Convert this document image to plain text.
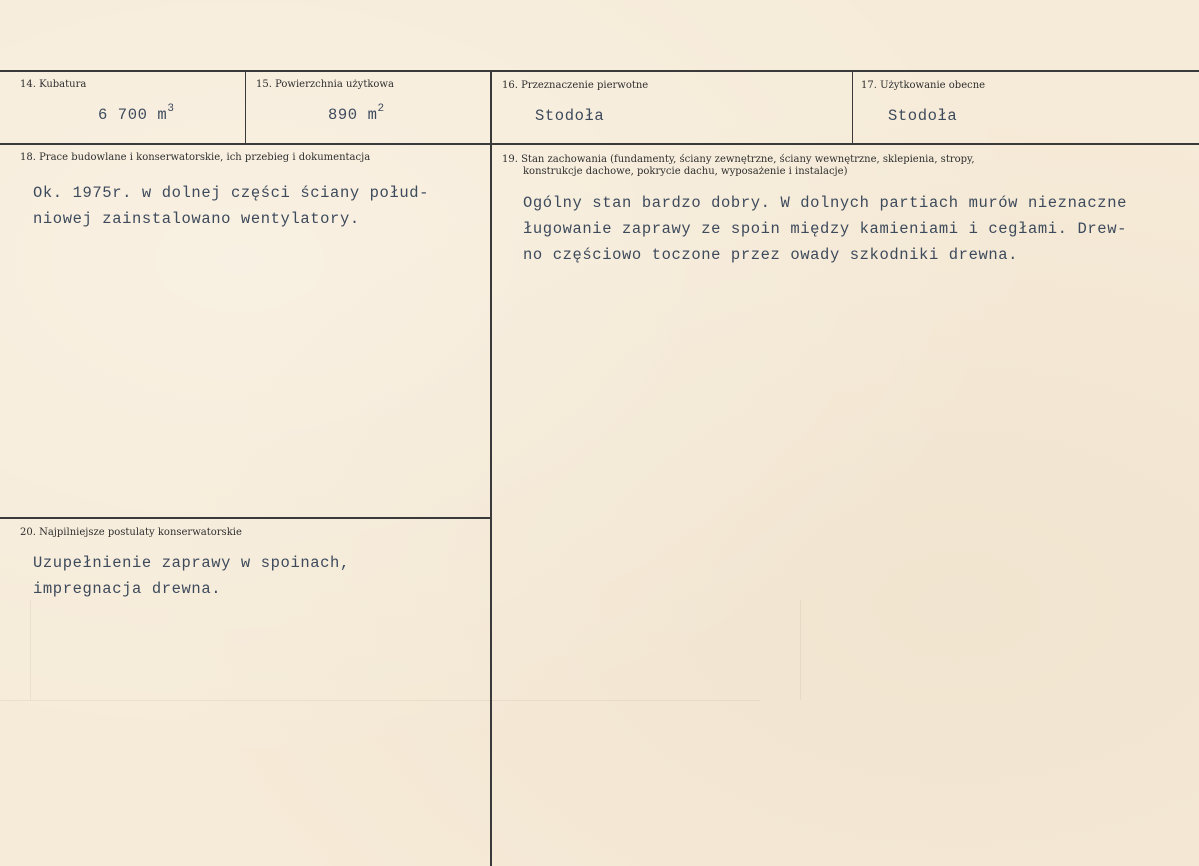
14. Kubatura
6 700 $m^3$
15. Powierzchnia użytkowa
890 $m^2$
16. Przeznaczenie pierwotne
Stodoła
17. Użytkowanie obecne
Stodoła
18. Prace budowlane i konserwatorskie, ich przebieg i dokumentacja
Ok. 1975r. w dolnej części ściany połud-
niowej zainstalowano wentylatory.
19. Stan zachowania (fundamenty, ściany zewnętrzne, ściany wewnętrzne, sklepienia, stropy,
konstrukcje dachowe, pokrycie dachu, wyposażenie i instalacje)
Ogólny stan bardzo dobry. W dolnych partiach murów nieznaczne
ługowanie zaprawy ze spoin między kamieniami i cegłami. Drew-
no częściowo toczone przez owady szkodniki drewna.
20. Najpilniejsze postulaty konserwatorskie
Uzupełnienie zaprawy w spoinach,
impregnacja drewna.
